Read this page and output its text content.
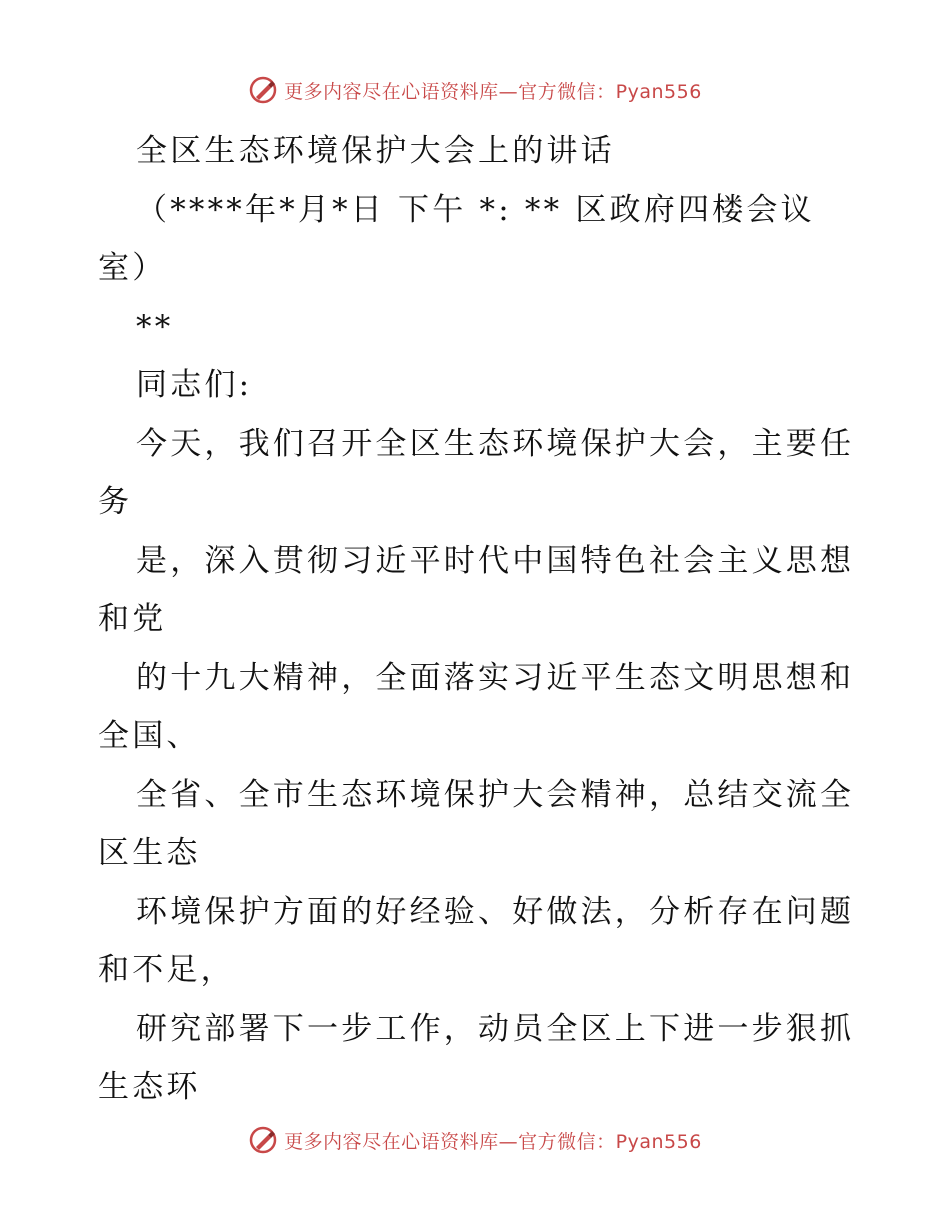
更多内容尽在心语资料库—官方微信：Pyan556
全区生态环境保护大会上的讲话
（****年*月*日 下午 *: ** 区政府四楼会议
室）
**
同志们:
今天，我们召开全区生态环境保护大会，主要任
务
是，深入贯彻习近平时代中国特色社会主义思想
和党
的十九大精神，全面落实习近平生态文明思想和
全国、
全省、全市生态环境保护大会精神，总结交流全
区生态
环境保护方面的好经验、好做法，分析存在问题
和不足，
研究部署下一步工作，动员全区上下进一步狠抓
生态环
更多内容尽在心语资料库—官方微信：Pyan556
